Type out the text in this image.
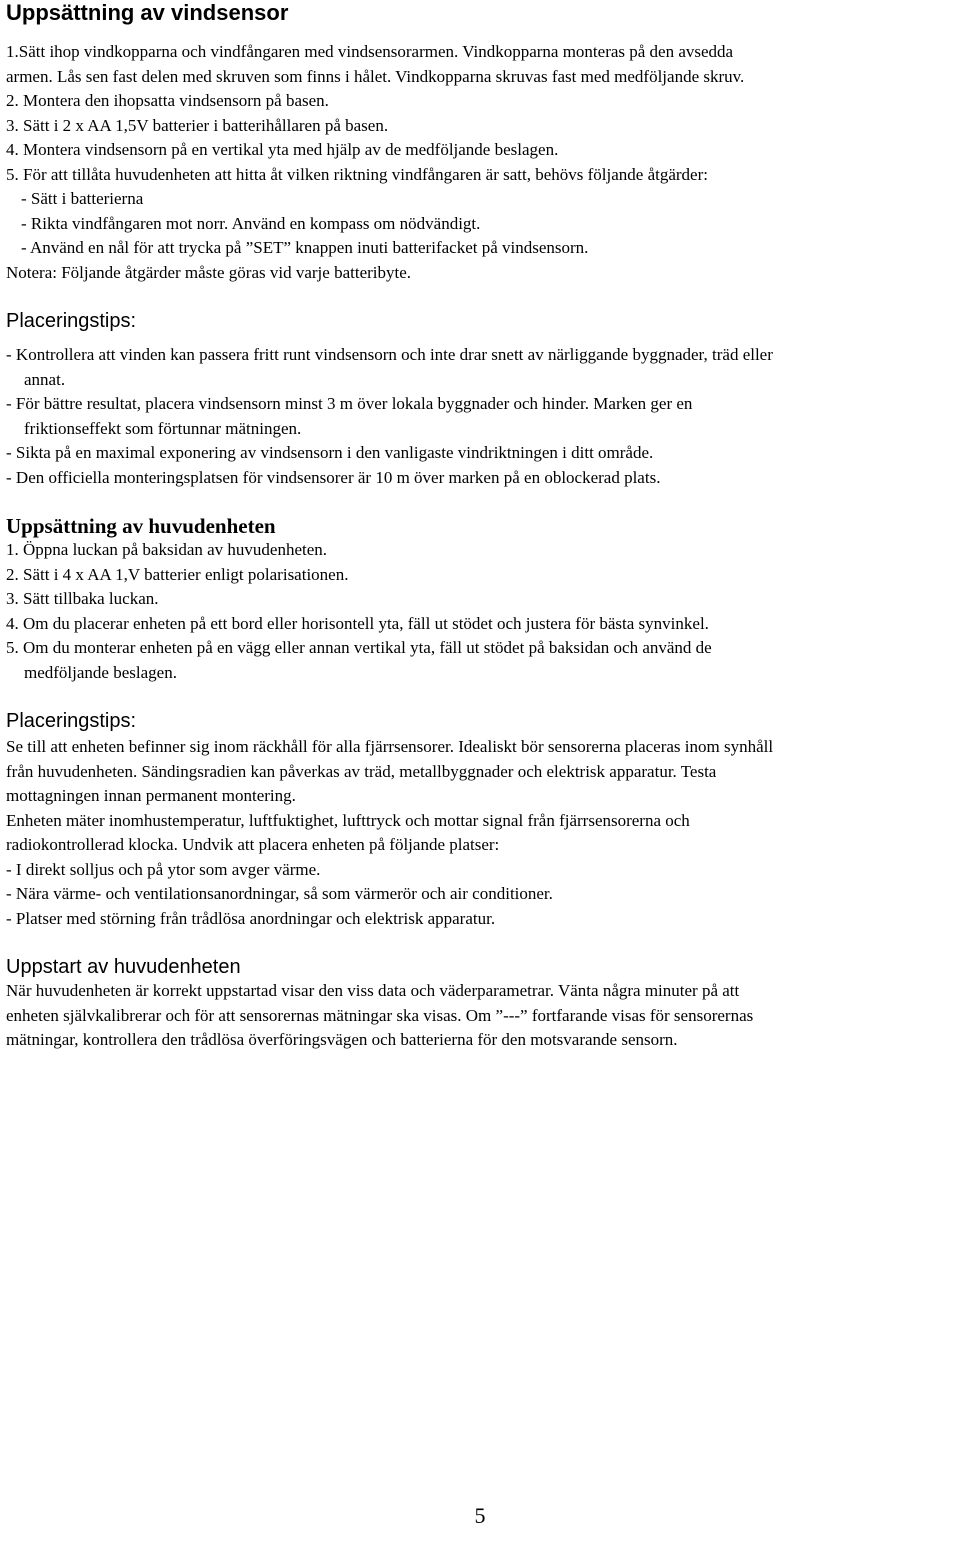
Uppsättning av vindsensor

1.Sätt ihop vindkopparna och vindfångaren med vindsensorarmen. Vindkopparna monteras på den avsedda

armen. Lås sen fast delen med skruven som finns i hålet. Vindkopparna skruvas fast med medföljande skruv.

2. Montera den ihopsatta vindsensorn på basen.

3. Sätt i 2 x AA 1,5V batterier i batterihållaren på basen.

4. Montera vindsensorn på en vertikal yta med hjälp av de medföljande beslagen.

5. För att tillåta huvudenheten att hitta åt vilken riktning vindfångaren är satt, behövs följande åtgärder:

- Sätt i batterierna

- Rikta vindfångaren mot norr. Använd en kompass om nödvändigt.

- Använd en nål för att trycka på ”SET” knappen inuti batterifacket på vindsensorn.

Notera: Följande åtgärder måste göras vid varje batteribyte.

Placeringstips:

- Kontrollera att vinden kan passera fritt runt vindsensorn och inte drar snett av närliggande byggnader, träd eller

annat.

- För bättre resultat, placera vindsensorn minst 3 m över lokala byggnader och hinder. Marken ger en

friktionseffekt som förtunnar mätningen.

- Sikta på en maximal exponering av vindsensorn i den vanligaste vindriktningen i ditt område.

- Den officiella monteringsplatsen för vindsensorer är 10 m över marken på en oblockerad plats.

Uppsättning av huvudenheten

1. Öppna luckan på baksidan av huvudenheten.

2. Sätt i 4 x AA 1,V batterier enligt polarisationen.

3. Sätt tillbaka luckan.

4. Om du placerar enheten på ett bord eller horisontell yta, fäll ut stödet och justera för bästa synvinkel.

5. Om du monterar enheten på en vägg eller annan vertikal yta, fäll ut stödet på baksidan och använd de

medföljande beslagen.

Placeringstips:

Se till att enheten befinner sig inom räckhåll för alla fjärrsensorer. Idealiskt bör sensorerna placeras inom synhåll

från huvudenheten. Sändingsradien kan påverkas av träd, metallbyggnader och elektrisk apparatur. Testa

mottagningen innan permanent montering.

Enheten mäter inomhustemperatur, luftfuktighet, lufttryck och mottar signal från fjärrsensorerna och

radiokontrollerad klocka. Undvik att placera enheten på följande platser:

- I direkt solljus och på ytor som avger värme.

- Nära värme- och ventilationsanordningar, så som värmerör och air conditioner.

- Platser med störning från trådlösa anordningar och elektrisk apparatur.

Uppstart av huvudenheten

När huvudenheten är korrekt uppstartad visar den viss data och väderparametrar. Vänta några minuter på att

enheten självkalibrerar och för att sensorernas mätningar ska visas. Om ”---” fortfarande visas för sensorernas

mätningar, kontrollera den trådlösa överföringsvägen och batterierna för den motsvarande sensorn.

5
